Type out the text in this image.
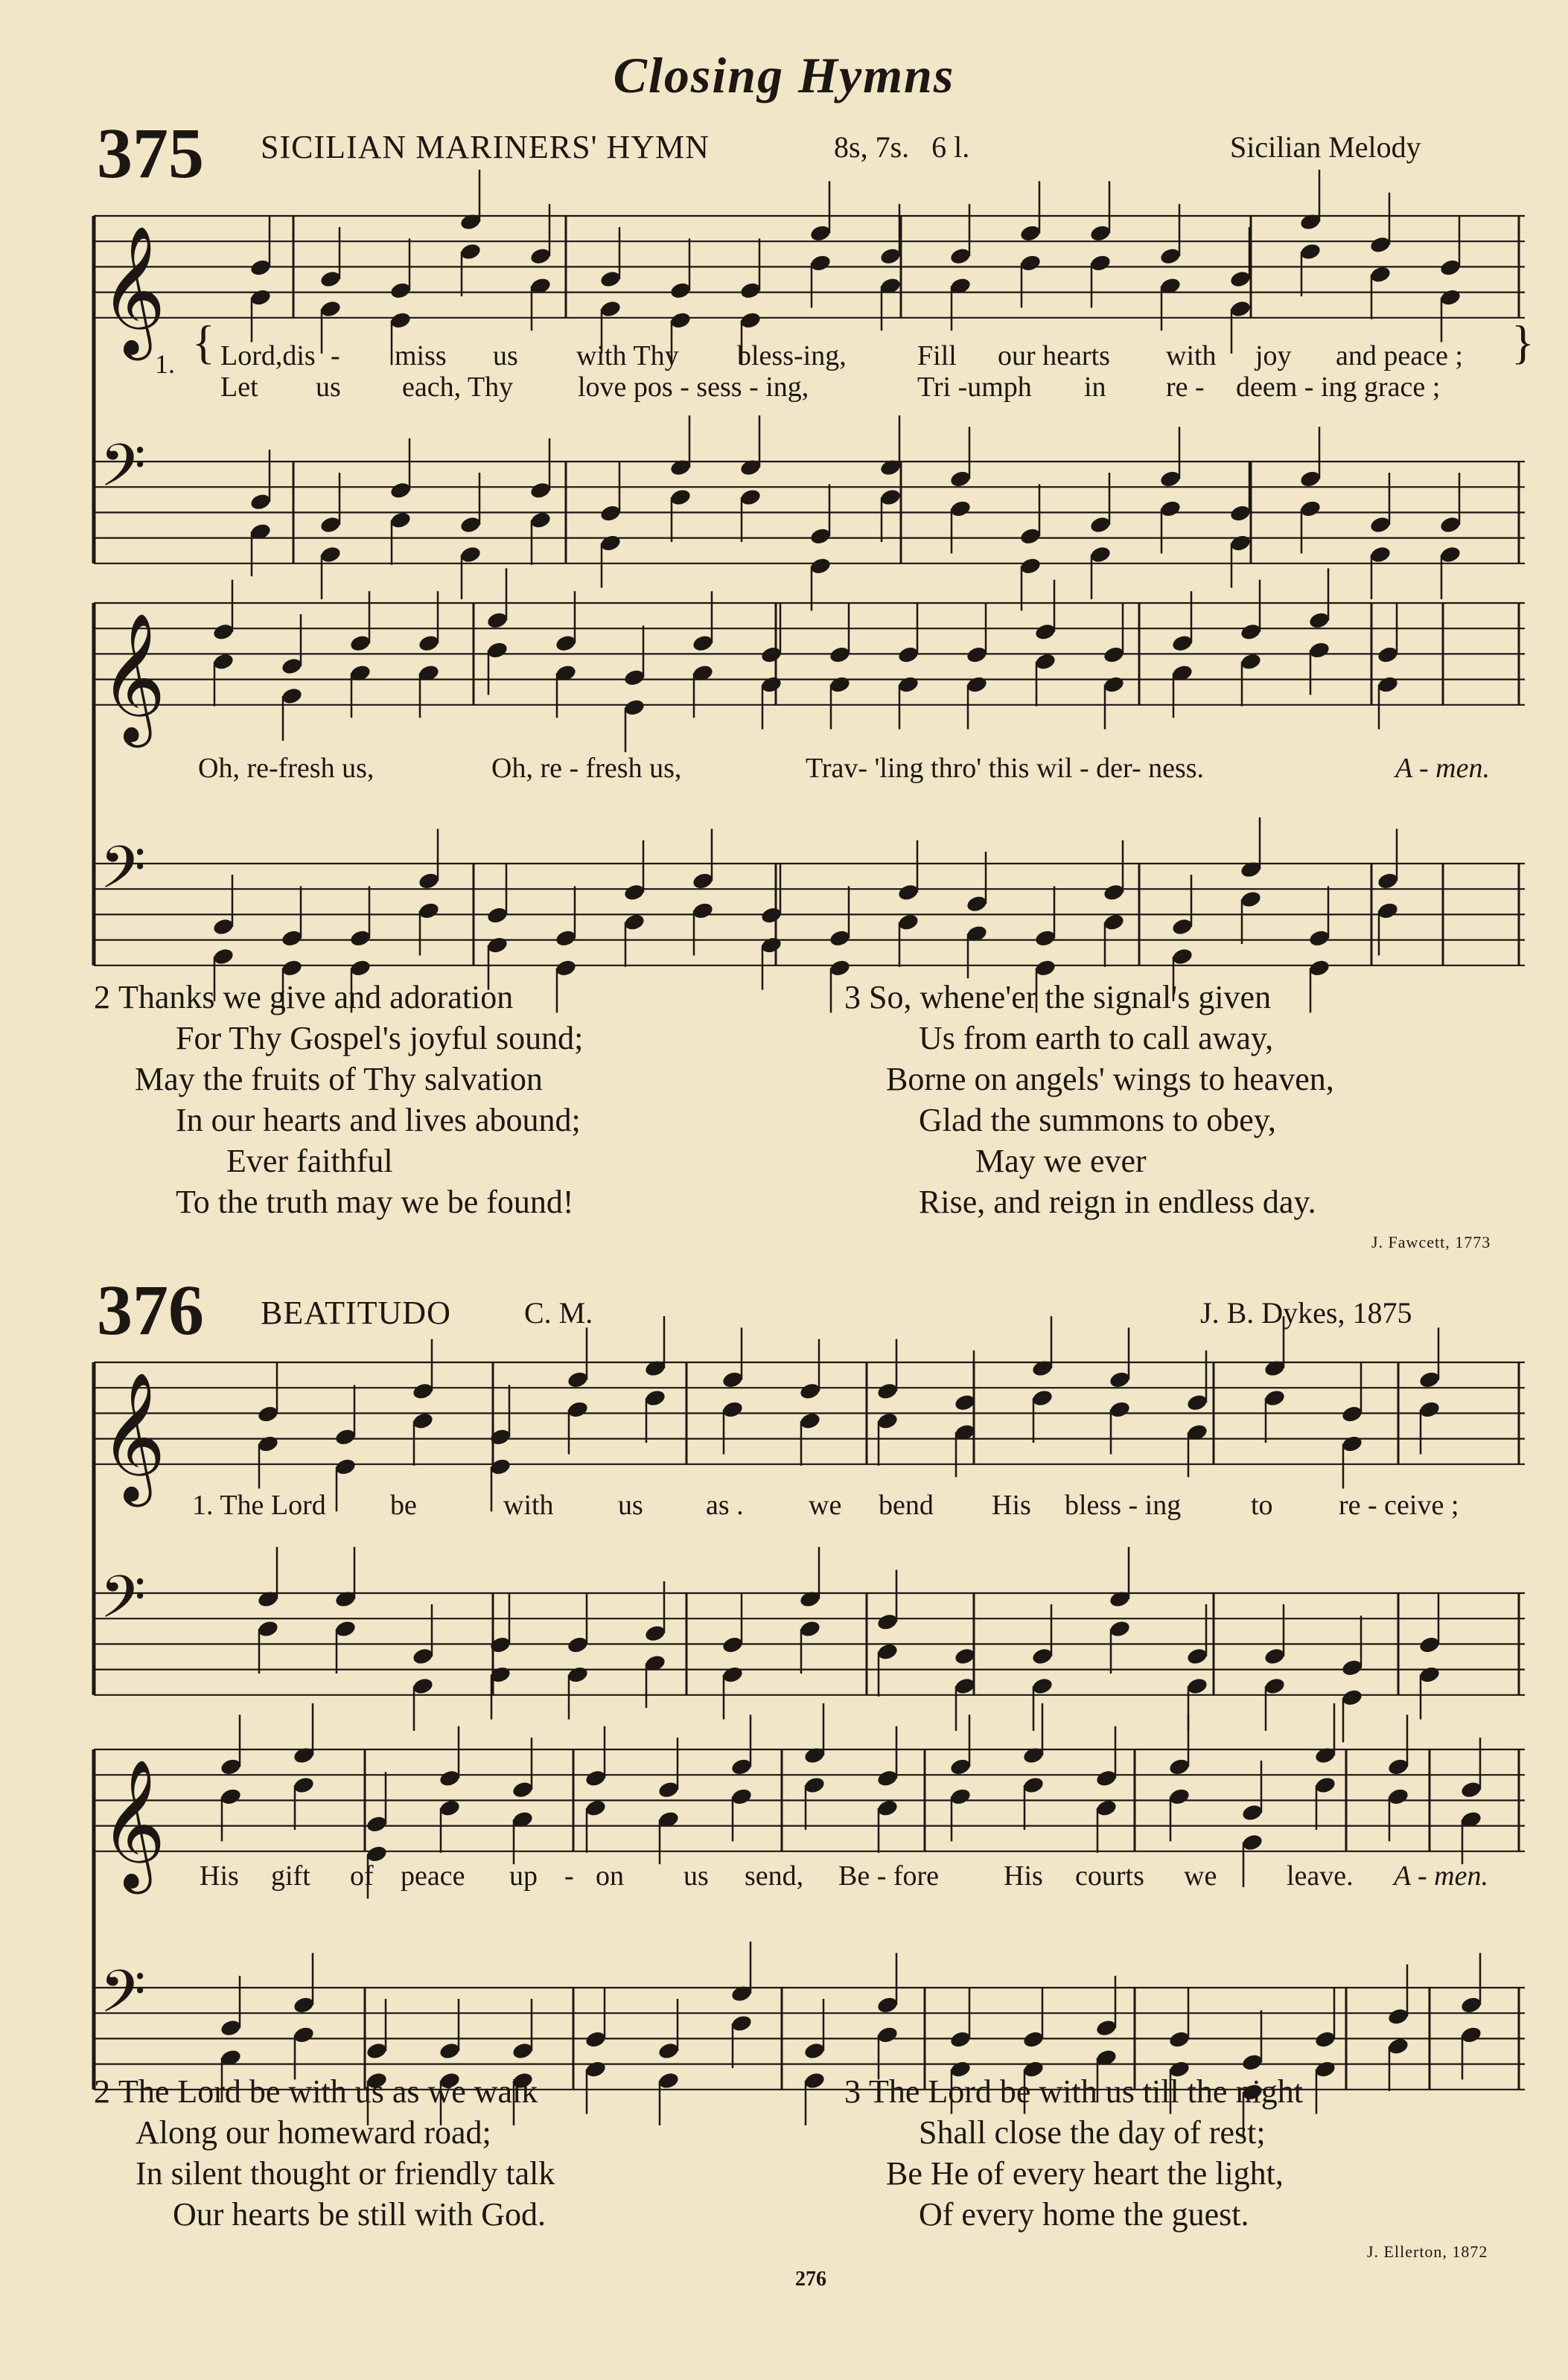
Closing Hymns
375 SICILIAN MARINERS' HYMN	8s, 7s.   6 l.	Sicilian Melody
376 BEATITUDO C. M.	J. B. Dykes, 1875
𝄞
𝄢
𝄞
𝄢
𝄞
𝄢
𝄞
𝄢
1. {	}
Lord,dis - miss us with Thy bless-ing,	Fill our hearts with joy and peace ;
Let us each, Thy love pos - sess - ing,	Tri -umph in re - deem - ing grace ;
Oh, re-fresh us,	Oh, re - fresh us,	Trav- 'ling thro' this wil - der- ness.	A - men.
2 Thanks we give and adoration
For Thy Gospel's joyful sound;
May the fruits of Thy salvation
In our hearts and lives abound;
Ever faithful
To the truth may we be found!
3 So, whene'er the signal's given
Us from earth to call away,
Borne on angels' wings to heaven,
Glad the summons to obey,
May we ever
Rise, and reign in endless day.
J. Fawcett, 1773
1. The Lord be	with us as . we bend His bless - ing to re - ceive ;
His gift of peace up - on us send, Be - fore His courts we leave. A - men.
2 The Lord be with us as we walk
Along our homeward road;
In silent thought or friendly talk
Our hearts be still with God.
3 The Lord be with us till the night
Shall close the day of rest;
Be He of every heart the light,
Of every home the guest.
J. Ellerton, 1872
276
